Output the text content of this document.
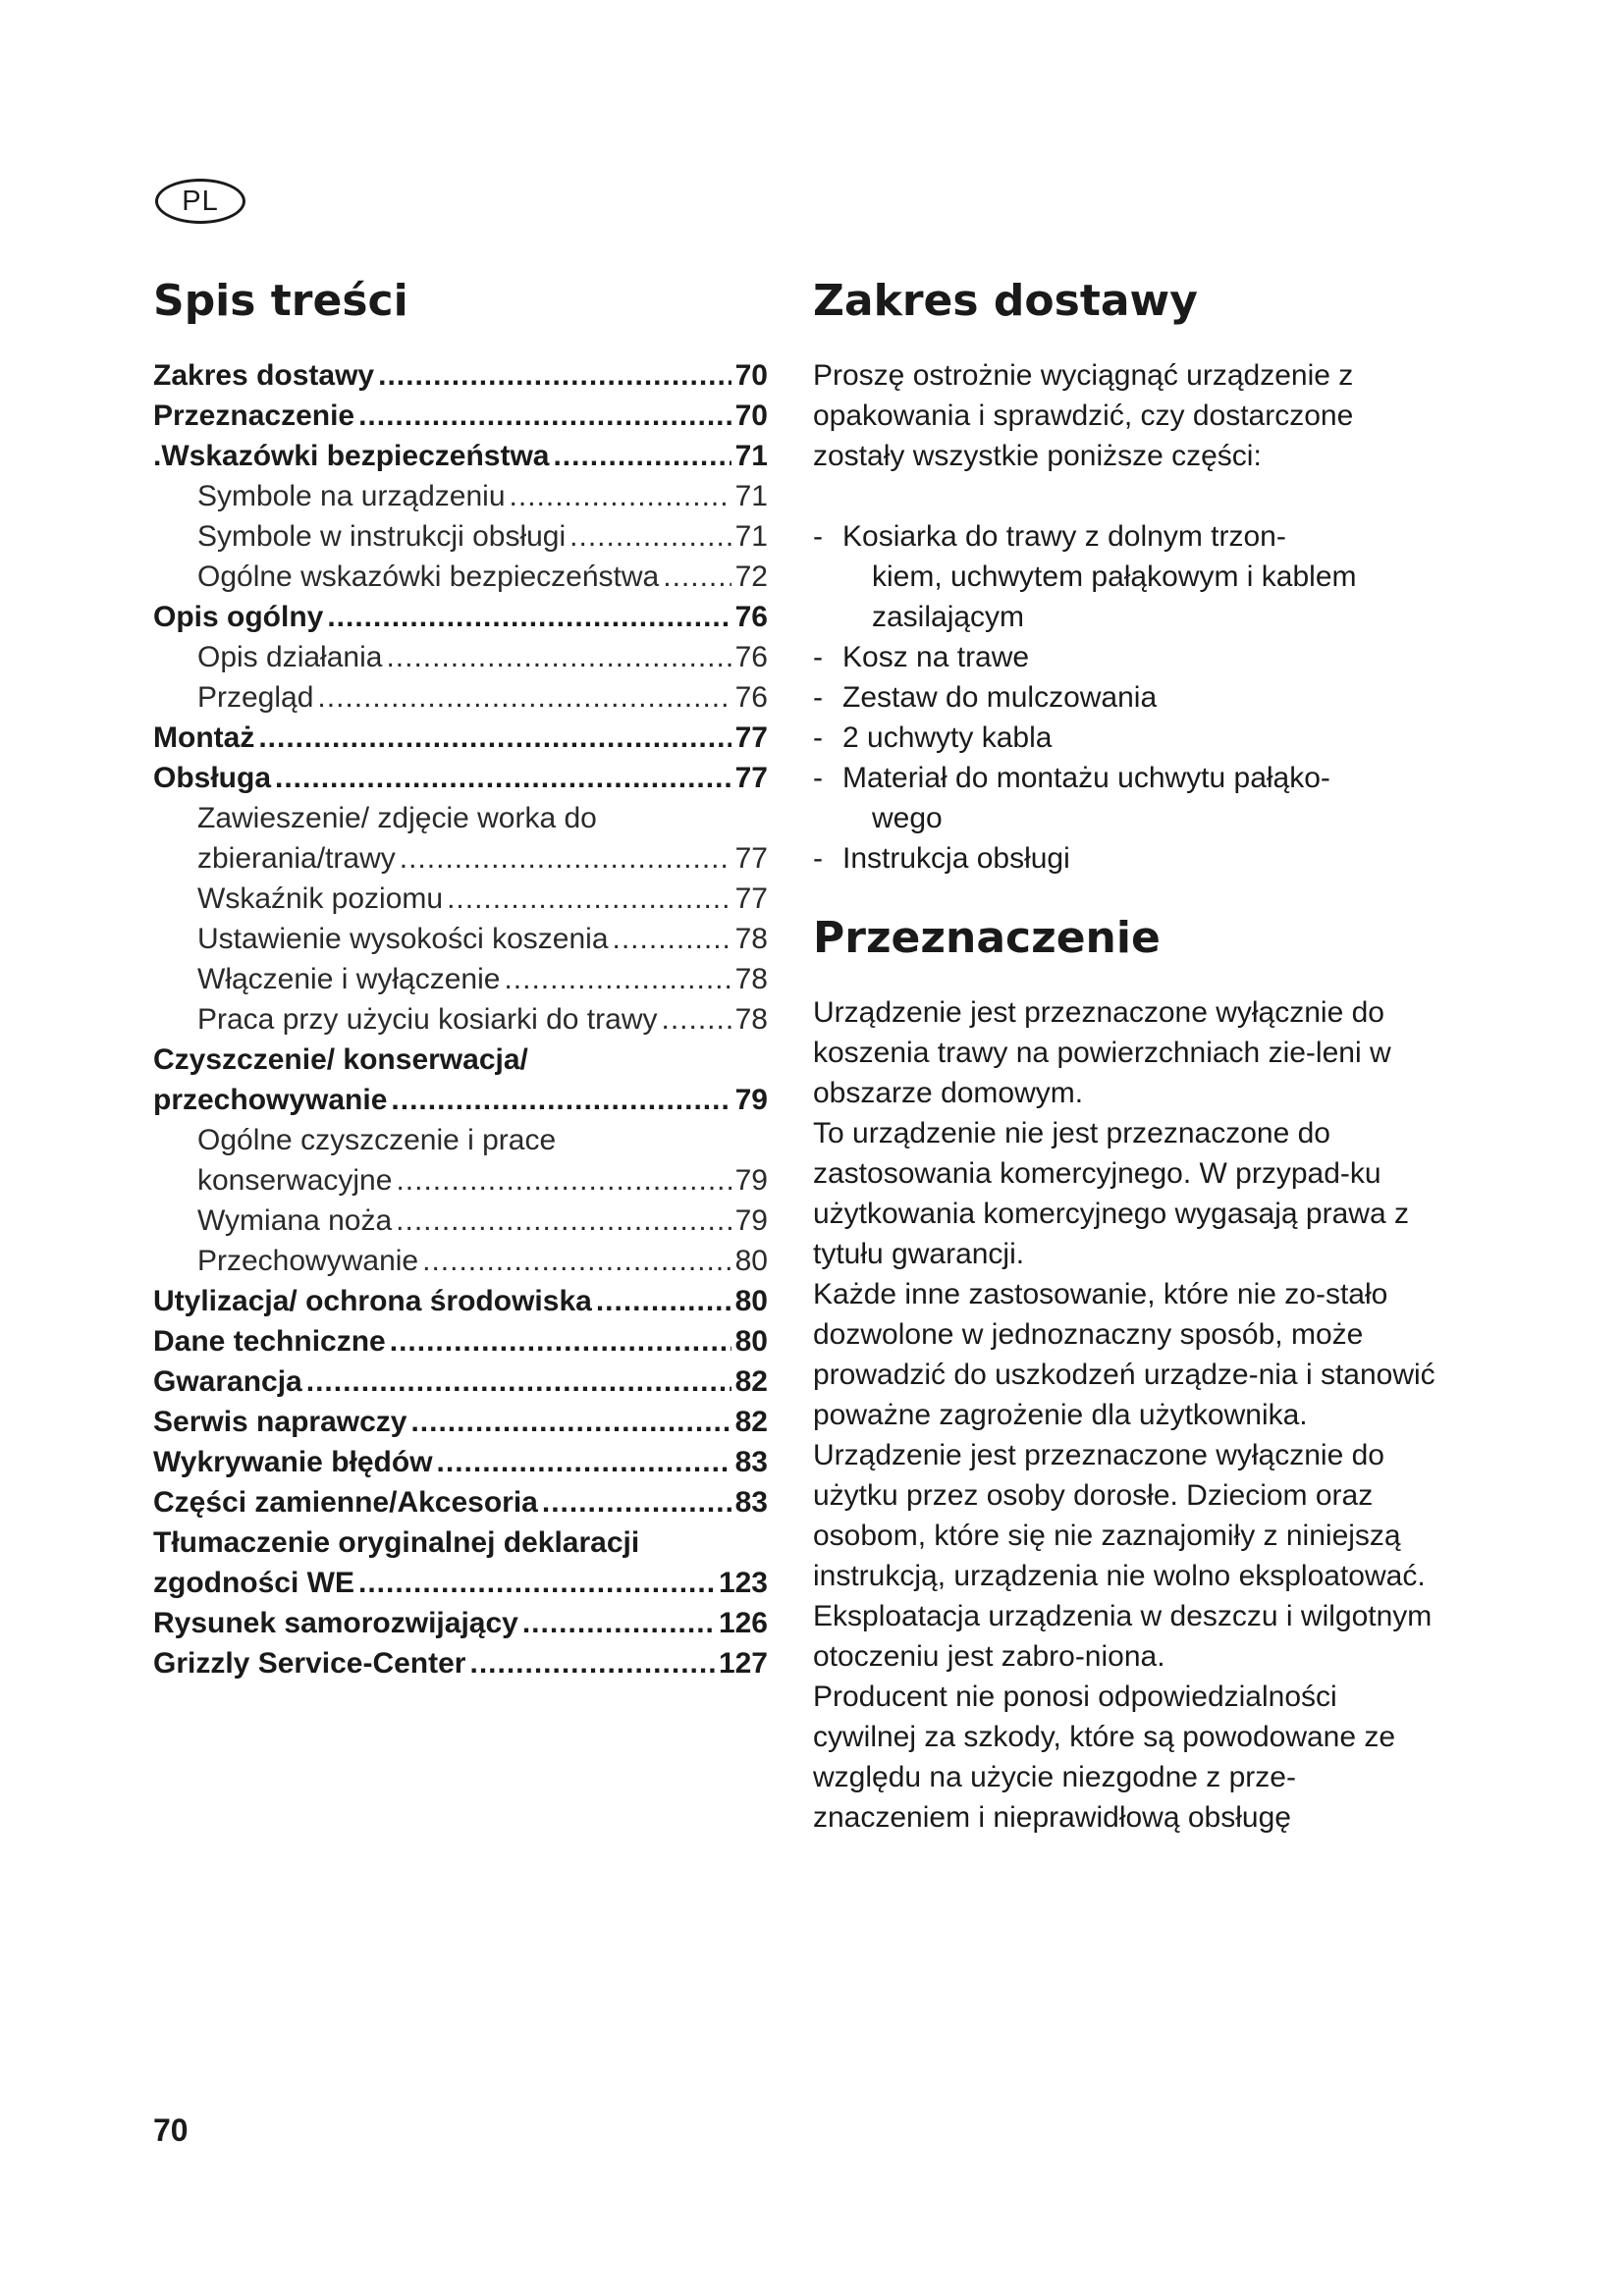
PL
Spis treści
Zakres dostawy .....	70
Przeznaczenie .....	70
.Wskazówki bezpieczeństwa .....	71
Symbole na urządzeniu .....	71
Symbole w instrukcji obsługi .....	71
Ogólne wskazówki bezpieczeństwa .....	72
Opis ogólny .....	76
Opis działania .....	76
Przegląd .....	76
Montaż .....	77
Obsługa .....	77
Zawieszenie/ zdjęcie worka do
zbierania/trawy .....	77
Wskaźnik poziomu .....	77
Ustawienie wysokości koszenia .....	78
Włączenie i wyłączenie .....	78
Praca przy użyciu kosiarki do trawy .....	78
Czyszczenie/ konserwacja/
przechowywanie .....	79
Ogólne czyszczenie i prace
konserwacyjne .....	79
Wymiana noża .....	79
Przechowywanie .....	80
Utylizacja/ ochrona środowiska .....	80
Dane techniczne .....	80
Gwarancja .....	82
Serwis naprawczy .....	82
Wykrywanie błędów .....	83
Części zamienne/Akcesoria .....	83
Tłumaczenie oryginalnej deklaracji
zgodności WE .....	123
Rysunek samorozwijający .....	126
Grizzly Service-Center .....	127
Zakres dostawy

Proszę ostrożnie wyciągnąć urządzenie z opakowania i sprawdzić, czy dostarczone zostały wszystkie poniższe części:

- Kosiarka do trawy z dolnym trzon-
kiem, uchwytem pałąkowym i kablem
zasilającym
- Kosz na trawe
- Zestaw do mulczowania
- 2 uchwyty kabla
- Materiał do montażu uchwytu pałąko-
wego
- Instrukcja obsługi
Przeznaczenie

Urządzenie jest przeznaczone wyłącznie do koszenia trawy na powierzchniach zie-leni w obszarze domowym.

To urządzenie nie jest przeznaczone do zastosowania komercyjnego. W przypad-ku użytkowania komercyjnego wygasają prawa z tytułu gwarancji.

Każde inne zastosowanie, które nie zo-stało dozwolone w jednoznaczny sposób, może prowadzić do uszkodzeń urządze-nia i stanowić poważne zagrożenie dla użytkownika.

Urządzenie jest przeznaczone wyłącznie do użytku przez osoby dorosłe. Dzieciom oraz osobom, które się nie zaznajomiły z niniejszą instrukcją, urządzenia nie wolno eksploatować. Eksploatacja urządzenia w deszczu i wilgotnym otoczeniu jest zabro-niona.

Producent nie ponosi odpowiedzialności cywilnej za szkody, które są powodowane ze względu na użycie niezgodne z prze-znaczeniem i nieprawidłową obsługę

70
